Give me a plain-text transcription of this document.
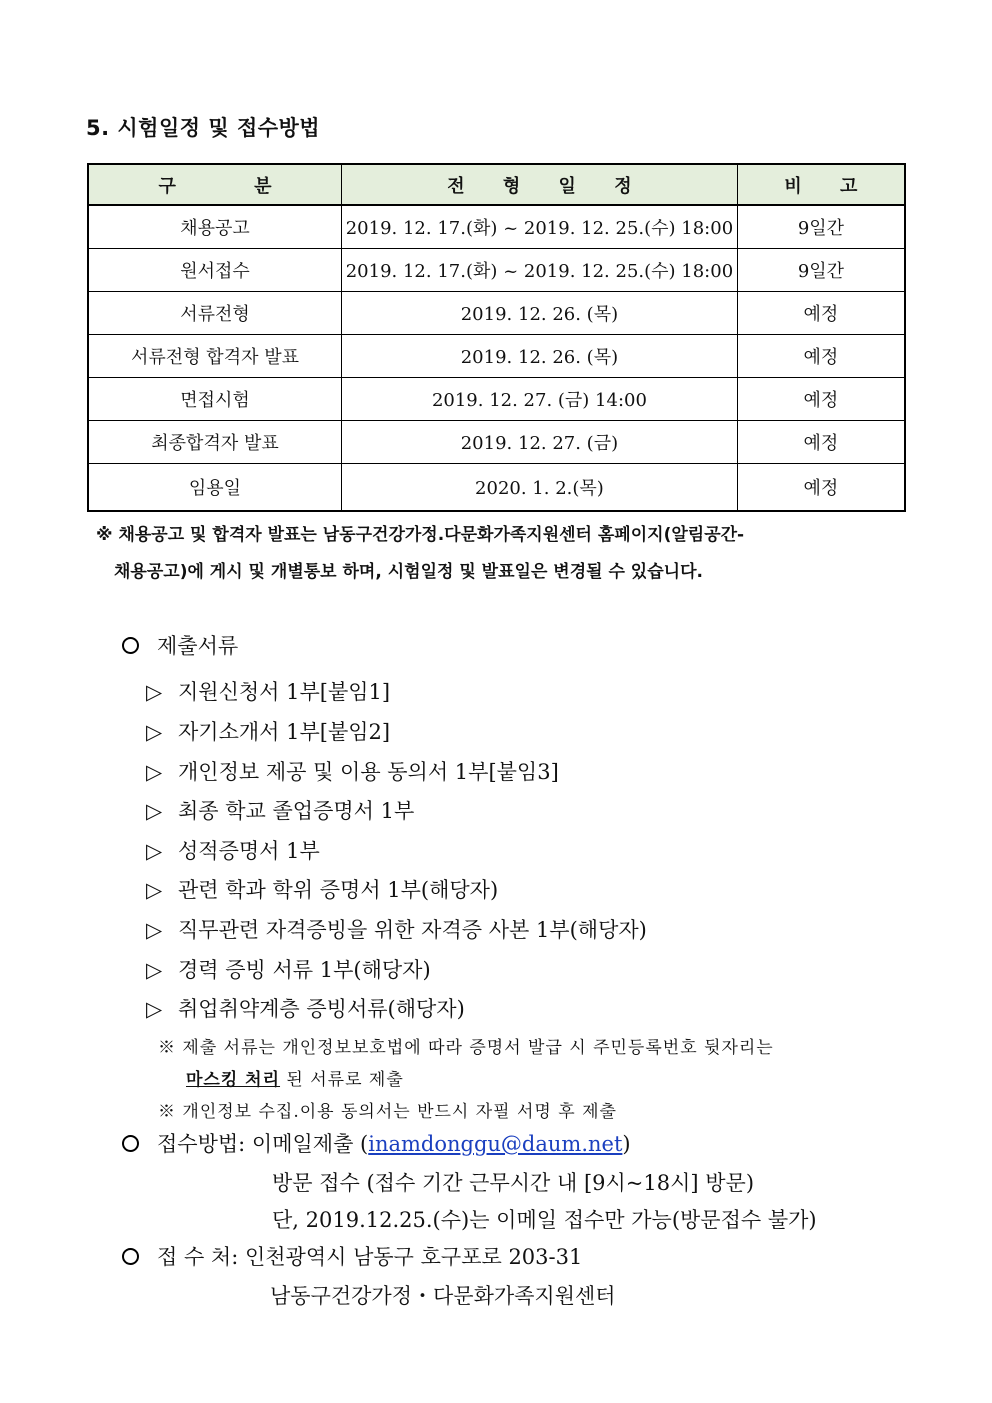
5. 시험일정 및 접수방법
구 분	전 형 일 정	비 고
채용공고	2019. 12. 17.(화) ~ 2019. 12. 25.(수) 18:00	9일간
원서접수	2019. 12. 17.(화) ~ 2019. 12. 25.(수) 18:00	9일간
서류전형	2019. 12. 26. (목)	예정
서류전형 합격자 발표	2019. 12. 26. (목)	예정
면접시험	2019. 12. 27. (금) 14:00	예정
최종합격자 발표	2019. 12. 27. (금)	예정
임용일	2020. 1. 2.(목)	예정
※ 채용공고 및 합격자 발표는 남동구건강가정.다문화가족지원센터 홈페이지(알림공간-
채용공고)에 게시 및 개별통보 하며, 시험일정 및 발표일은 변경될 수 있습니다.
제출서류
▷ 지원신청서 1부[붙임1]
▷ 자기소개서 1부[붙임2]
▷ 개인정보 제공 및 이용 동의서 1부[붙임3]
▷ 최종 학교 졸업증명서 1부
▷ 성적증명서 1부
▷ 관련 학과 학위 증명서 1부(해당자)
▷ 직무관련 자격증빙을 위한 자격증 사본 1부(해당자)
▷ 경력 증빙 서류 1부(해당자)
▷ 취업취약계층 증빙서류(해당자)
※ 제출 서류는 개인정보보호법에 따라 증명서 발급 시 주민등록번호 뒷자리는
마스킹 처리 된 서류로 제출
※ 개인정보 수집.이용 동의서는 반드시 자필 서명 후 제출
접수방법: 이메일제출 (inamdonggu@daum.net)
방문 접수 (접수 기간 근무시간 내 [9시~18시] 방문)
단, 2019.12.25.(수)는 이메일 접수만 가능(방문접수 불가)
접 수 처: 인천광역시 남동구 호구포로 203-31
남동구건강가정・다문화가족지원센터
